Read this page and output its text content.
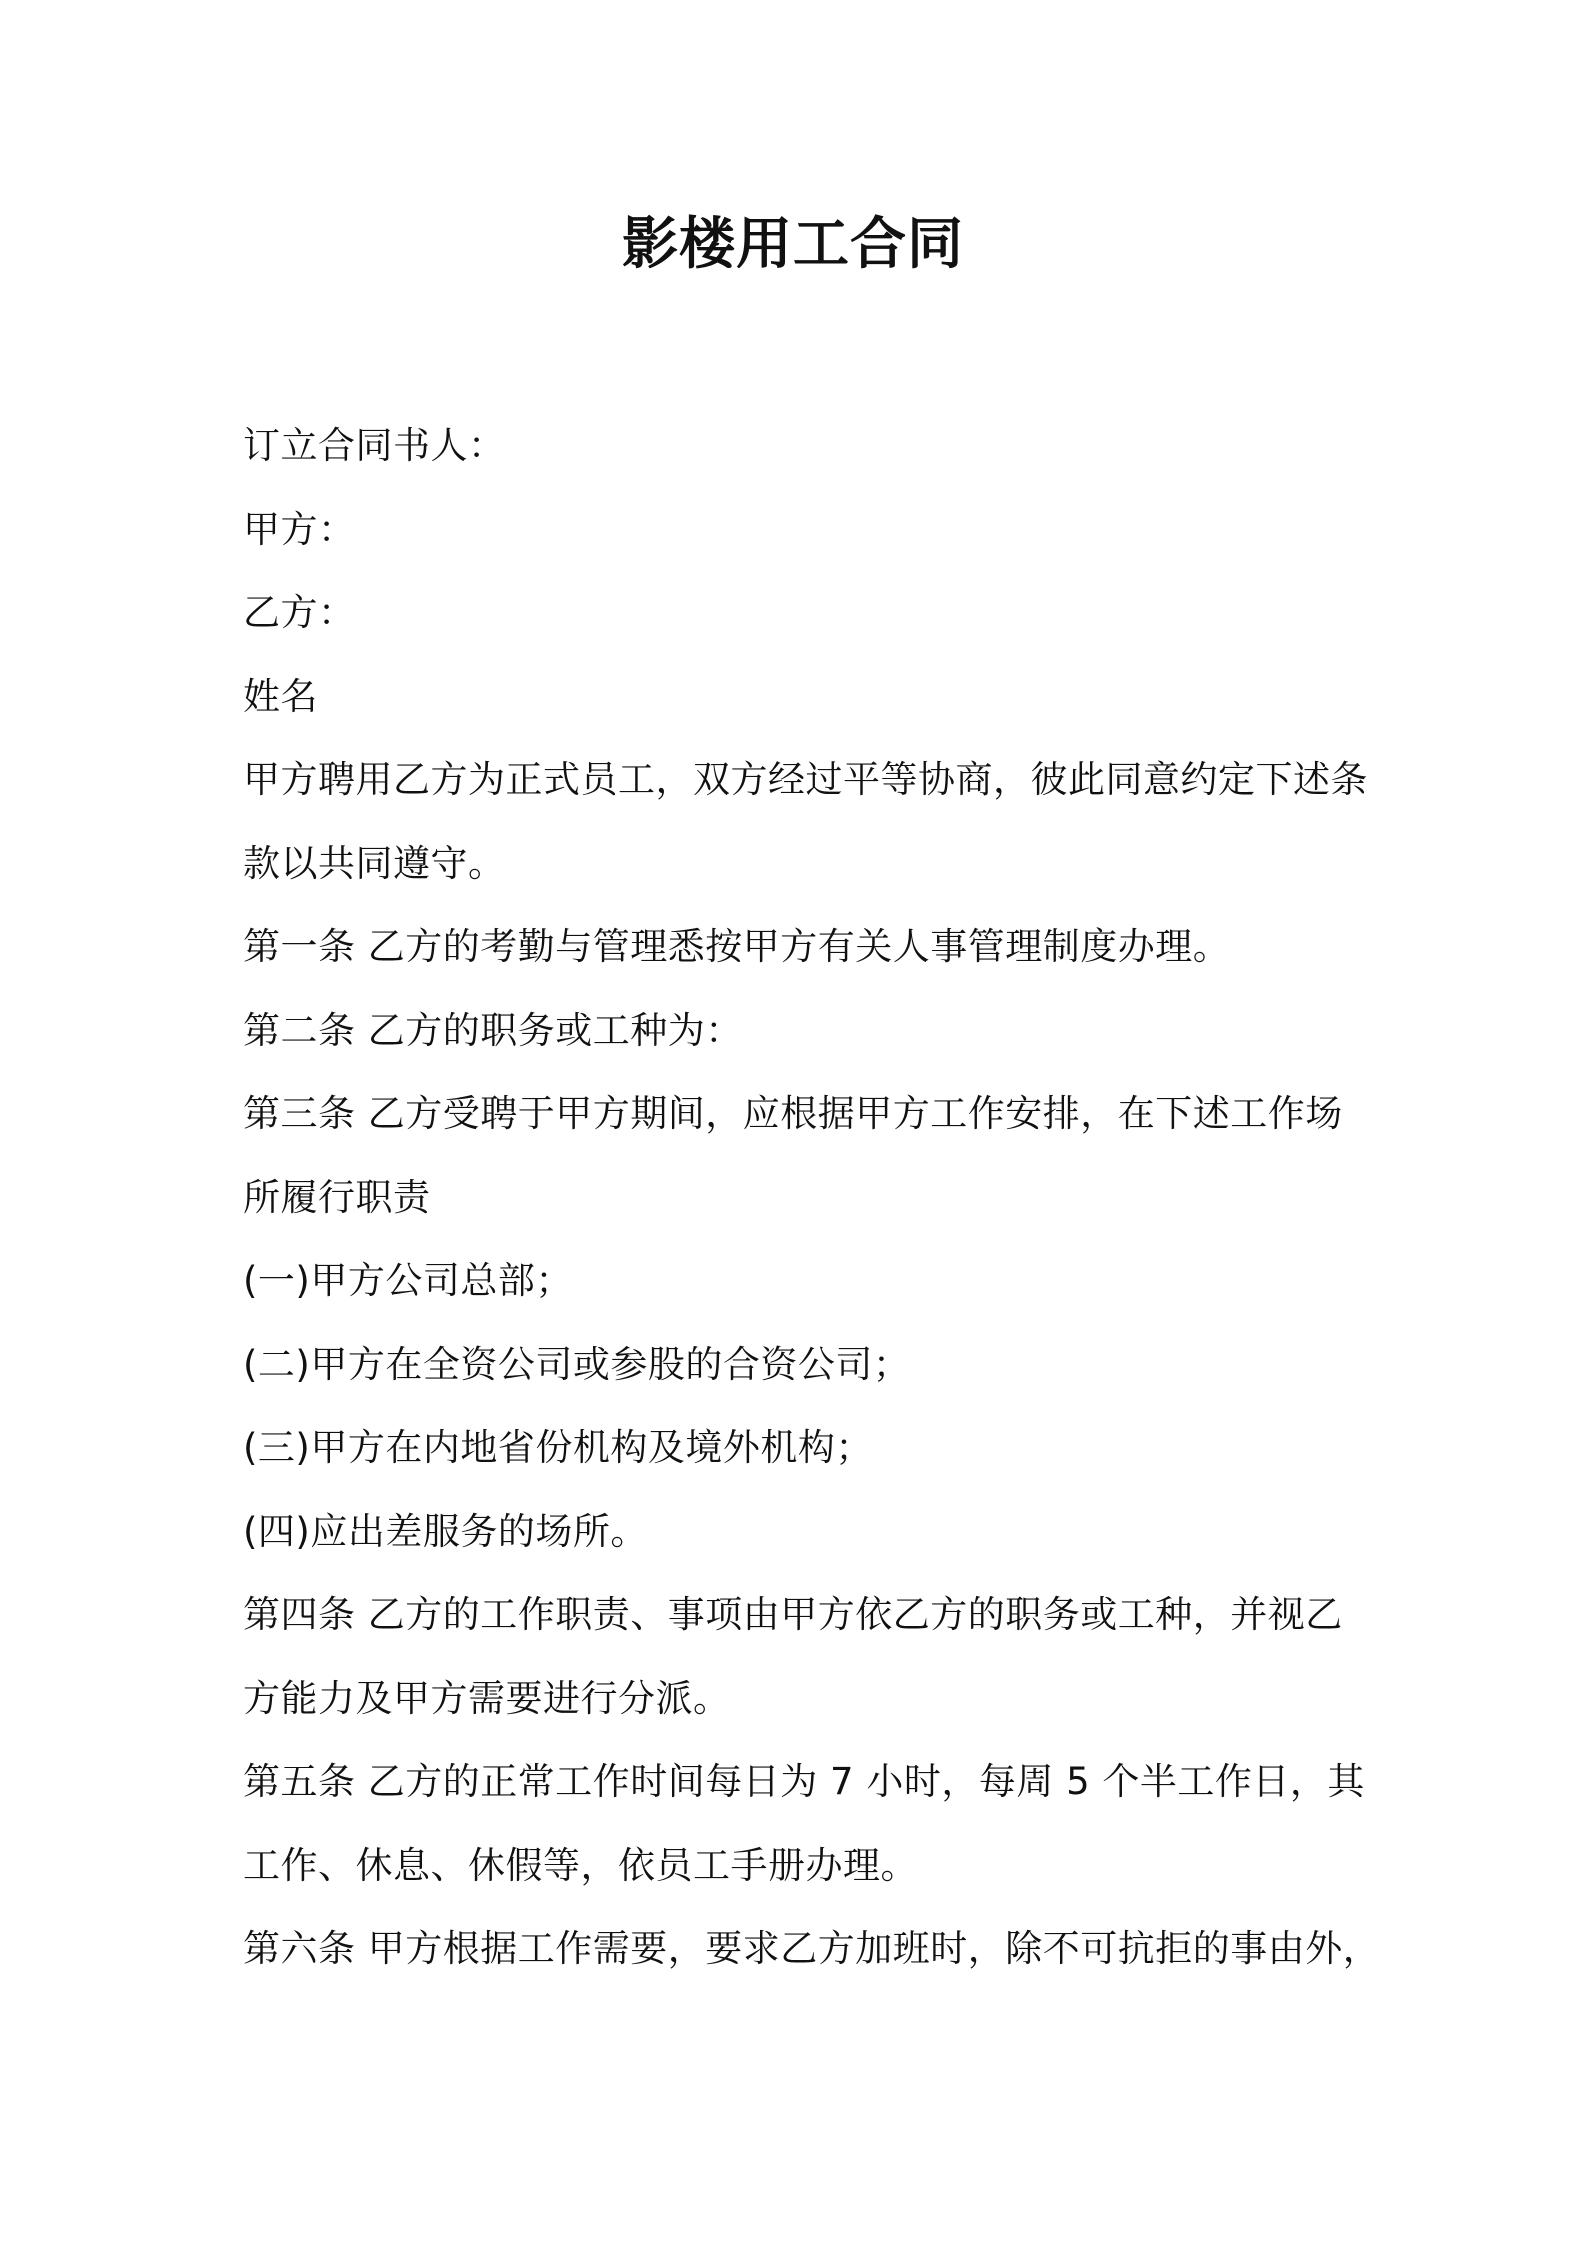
影楼用工合同
订立合同书人：
甲方：
乙方：
姓名
甲方聘用乙方为正式员工，双方经过平等协商，彼此同意约定下述条
款以共同遵守。
第一条 乙方的考勤与管理悉按甲方有关人事管理制度办理。
第二条 乙方的职务或工种为：
第三条 乙方受聘于甲方期间，应根据甲方工作安排，在下述工作场
所履行职责
(一)甲方公司总部；
(二)甲方在全资公司或参股的合资公司；
(三)甲方在内地省份机构及境外机构；
(四)应出差服务的场所。
第四条 乙方的工作职责、事项由甲方依乙方的职务或工种，并视乙
方能力及甲方需要进行分派。
第五条 乙方的正常工作时间每日为 7 小时，每周 5 个半工作日，其
工作、休息、休假等，依员工手册办理。
第六条 甲方根据工作需要，要求乙方加班时，除不可抗拒的事由外，
